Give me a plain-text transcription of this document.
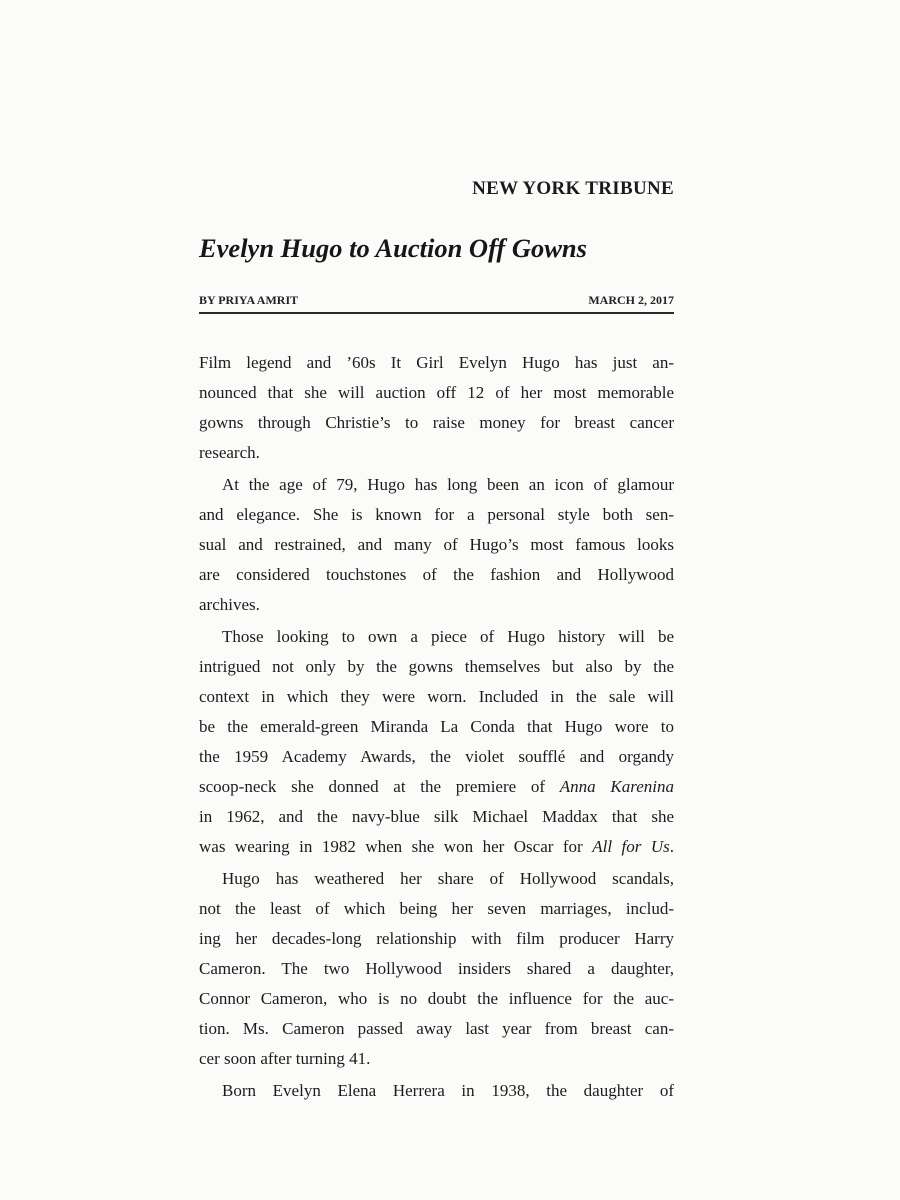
NEW YORK TRIBUNE
Evelyn Hugo to Auction Off Gowns
BY PRIYA AMRIT	MARCH 2, 2017
Film legend and ’60s It Girl Evelyn Hugo has just an-
nounced that she will auction off 12 of her most memorable
gowns through Christie’s to raise money for breast cancer
research.
At the age of 79, Hugo has long been an icon of glamour
and elegance. She is known for a personal style both sen-
sual and restrained, and many of Hugo’s most famous looks
are considered touchstones of the fashion and Hollywood
archives.
Those looking to own a piece of Hugo history will be
intrigued not only by the gowns themselves but also by the
context in which they were worn. Included in the sale will
be the emerald-green Miranda La Conda that Hugo wore to
the 1959 Academy Awards, the violet soufflé and organdy
scoop-neck she donned at the premiere of Anna Karenina
in 1962, and the navy-blue silk Michael Maddax that she
was wearing in 1982 when she won her Oscar for All for Us.
Hugo has weathered her share of Hollywood scandals,
not the least of which being her seven marriages, includ-
ing her decades-long relationship with film producer Harry
Cameron. The two Hollywood insiders shared a daughter,
Connor Cameron, who is no doubt the influence for the auc-
tion. Ms. Cameron passed away last year from breast can-
cer soon after turning 41.
Born Evelyn Elena Herrera in 1938, the daughter of
